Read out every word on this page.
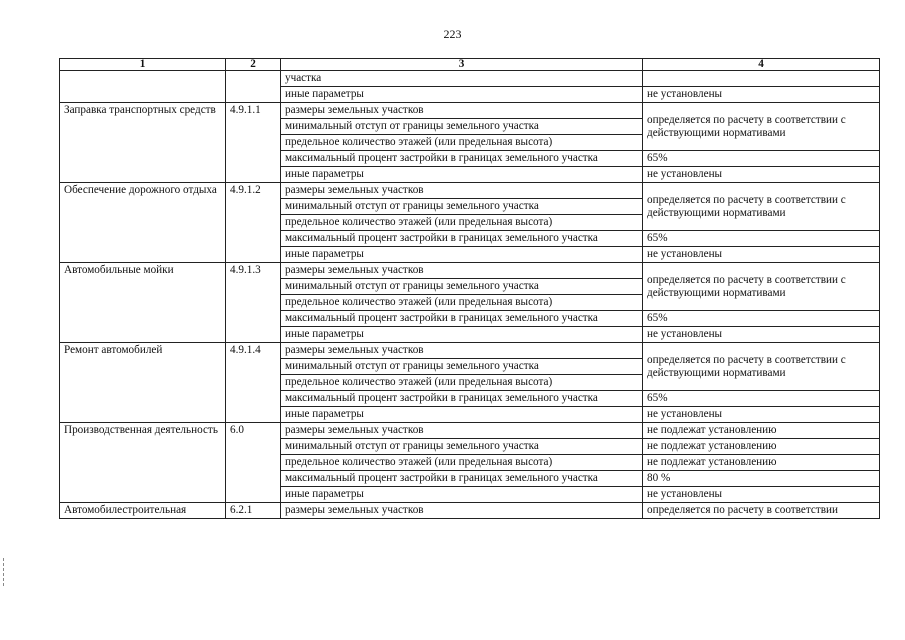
223
1	2	3	4
		участка	
		иные параметры	не установлены
Заправка транспортных средств	4.9.1.1	размеры земельных участков	определяется по расчету в соответствии с действующими нормативами
		минимальный отступ от границы земельного участка	
		предельное количество этажей (или предельная высота)	
		максимальный процент застройки в границах земельного участка	65%
		иные параметры	не установлены
Обеспечение дорожного отдыха	4.9.1.2	размеры земельных участков	определяется по расчету в соответствии с действующими нормативами
		минимальный отступ от границы земельного участка	
		предельное количество этажей (или предельная высота)	
		максимальный процент застройки в границах земельного участка	65%
		иные параметры	не установлены
Автомобильные мойки	4.9.1.3	размеры земельных участков	определяется по расчету в соответствии с действующими нормативами
		минимальный отступ от границы земельного участка	
		предельное количество этажей (или предельная высота)	
		максимальный процент застройки в границах земельного участка	65%
		иные параметры	не установлены
Ремонт автомобилей	4.9.1.4	размеры земельных участков	определяется по расчету в соответствии с действующими нормативами
		минимальный отступ от границы земельного участка	
		предельное количество этажей (или предельная высота)	
		максимальный процент застройки в границах земельного участка	65%
		иные параметры	не установлены
Производственная деятельность	6.0	размеры земельных участков	не подлежат установлению
		минимальный отступ от границы земельного участка	не подлежат установлению
		предельное количество этажей (или предельная высота)	не подлежат установлению
		максимальный процент застройки в границах земельного участка	80 %
		иные параметры	не установлены
Автомобилестроительная	6.2.1	размеры земельных участков	определяется по расчету в соответствии
